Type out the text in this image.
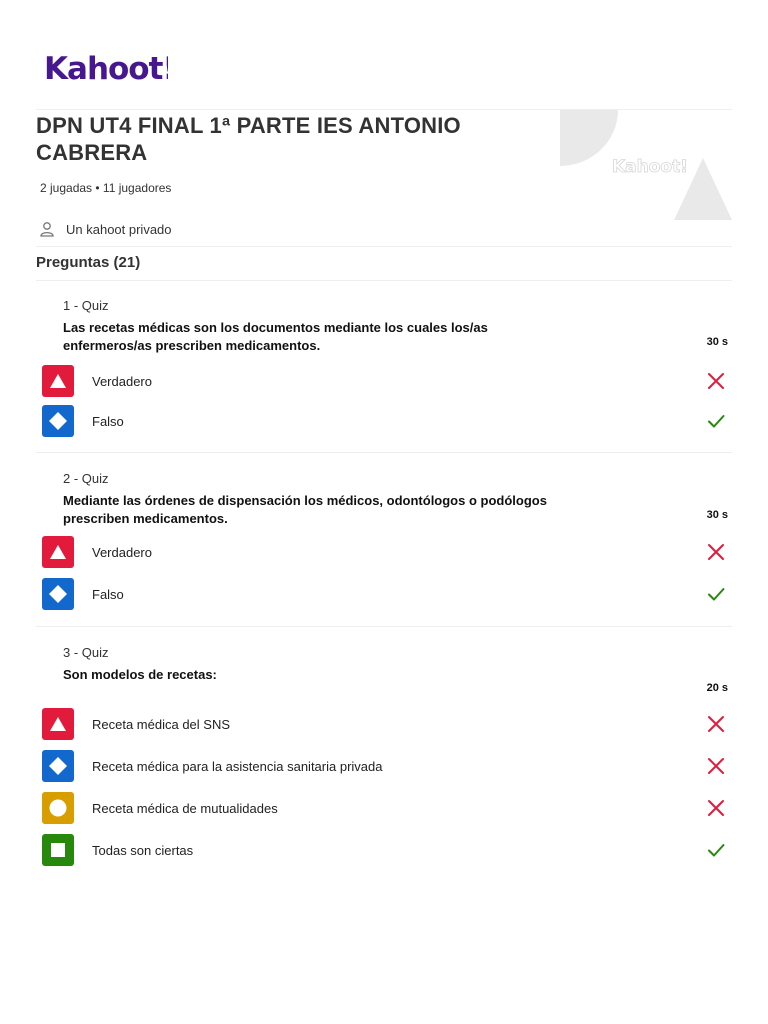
Kahoot!
DPN UT4 FINAL 1ª PARTE IES ANTONIO CABRERA
2 jugadas • 11 jugadores
Un kahoot privado
Kahoot!
Preguntas (21)
1 - Quiz
Las recetas médicas son los documentos mediante los cuales los/as enfermeros/as prescriben medicamentos.	30 s
Verdadero
Falso
2 - Quiz
Mediante las órdenes de dispensación los médicos, odontólogos o podólogos prescriben medicamentos.	30 s
Verdadero
Falso
3 - Quiz
Son modelos de recetas:
20 s
Receta médica del SNS
Receta médica para la asistencia sanitaria privada
Receta médica de mutualidades
Todas son ciertas
